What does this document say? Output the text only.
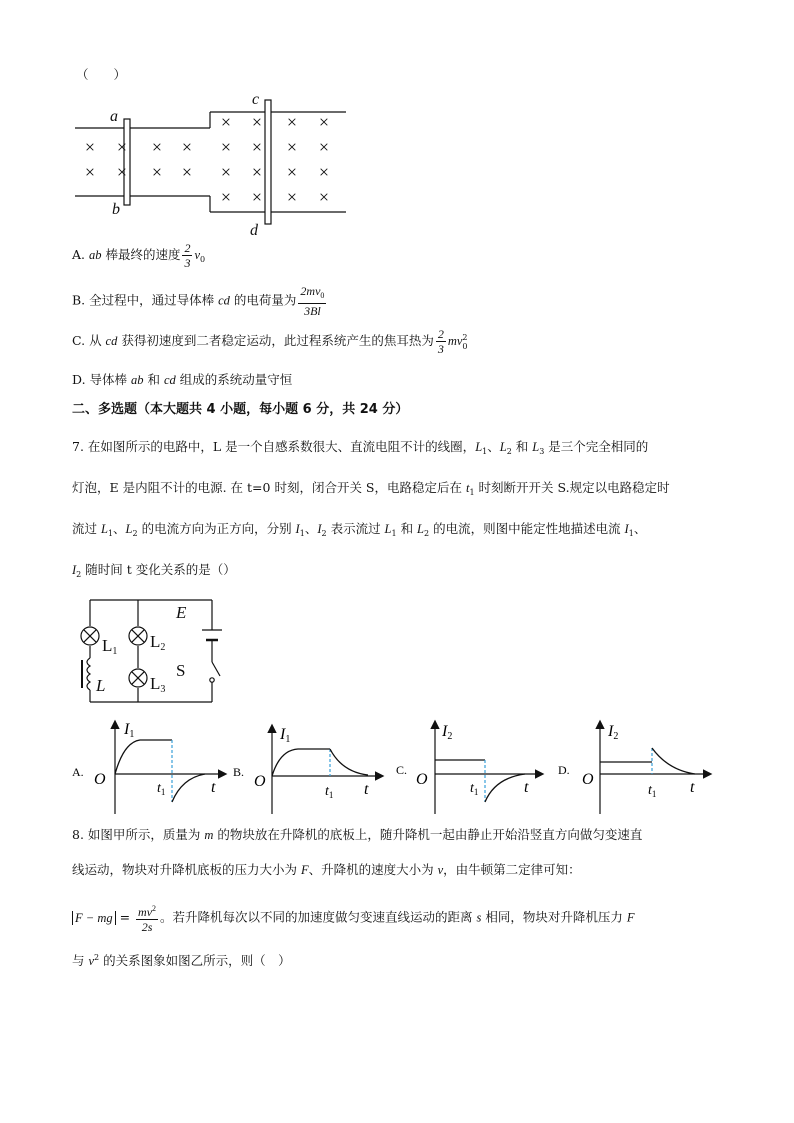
（　　）
× ×
× ×
× ×
× ×
× ×
× ×
× ×
× ×
× ×
× ×
× ×
× ×
a
b
c
d
A. ab 棒最终的速度 $\frac{2}{3} v_0$
B. 全过程中，通过导体棒 cd 的电荷量为 $\frac{2mv_0}{3Bl}$
C. 从 cd 获得初速度到二者稳定运动，此过程系统产生的焦耳热为 $\frac{2}{3}$ mv 2
0
D. 导体棒 ab 和 cd 组成的系统动量守恒
二、多选题（本大题共 4 小题，每小题 6 分，共 24 分）
7. 在如图所示的电路中，L 是一个自感系数很大、直流电阻不计的线圈，$L_1$、$L_2$ 和 $L_3$ 是三个完全相同的
灯泡，E 是内阻不计的电源. 在 t=0 时刻，闭合开关 S，电路稳定后在 $t_1$ 时刻断开开关 S.规定以电路稳定时
流过 $L_1$、$L_2$ 的电流方向为正方向，分别 $I_1$、$I_2$ 表示流过 $L_1$ 和 $L_2$ 的电流，则图中能定性地描述电流 $I_1$、
$I_2$ 随时间 t 变化关系的是（）
E
S
L
L1
L2
L3
A.
I1
O
$t_1$	t
B.
I1
O
$t_1$ t
C.
I2
O
$t_1$	t
D.
I2
O
$t_1$ t
8. 如图甲所示，质量为 m 的物块放在升降机的底板上，随升降机一起由静止开始沿竖直方向做匀变速直
线运动，物块对升降机底板的压力大小为 F、升降机的速度大小为 v，由牛顿第二定律可知：
F − mg = $\frac{mv^2}{2s}$ 。若升降机每次以不同的加速度做匀变速直线运动的距离 s 相同，物块对升降机压力 F
与 $v^2$ 的关系图象如图乙所示，则（　）
